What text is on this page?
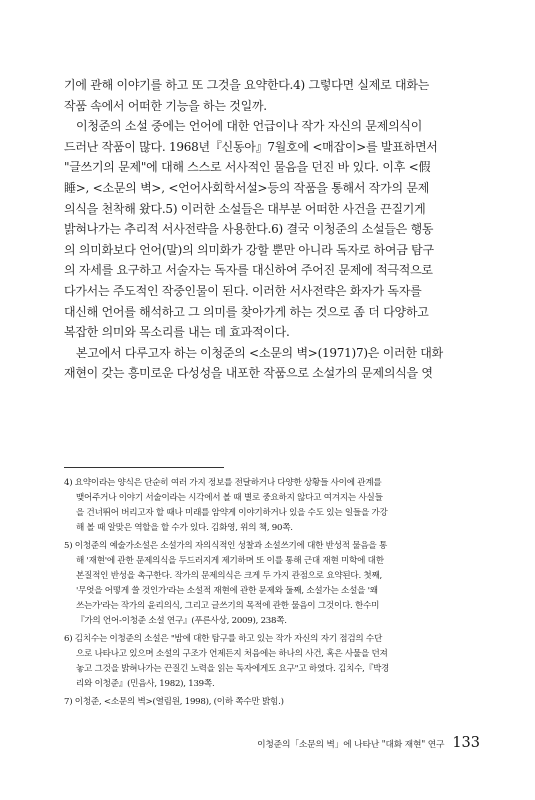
기에 관해 이야기를 하고 또 그것을 요약한다.4) 그렇다면 실제로 대화는
작품 속에서 어떠한 기능을 하는 것일까.
이청준의 소설 중에는 언어에 대한 언급이나 작가 자신의 문제의식이
드러난 작품이 많다. 1968년『신동아』7월호에 <매잡이>를 발표하면서
"글쓰기의 문제"에 대해 스스로 서사적인 물음을 던진 바 있다. 이후 <假
睡>, <소문의 벽>, <언어사회학서설>등의 작품을 통해서 작가의 문제
의식을 천착해 왔다.5) 이러한 소설들은 대부분 어떠한 사건을 끈질기게
밝혀나가는 추리적 서사전략을 사용한다.6) 결국 이청준의 소설들은 행동
의 의미화보다 언어(말)의 의미화가 강할 뿐만 아니라 독자로 하여금 탐구
의 자세를 요구하고 서술자는 독자를 대신하여 주어진 문제에 적극적으로
다가서는 주도적인 작중인물이 된다. 이러한 서사전략은 화자가 독자를
대신해 언어를 해석하고 그 의미를 찾아가게 하는 것으로 좀 더 다양하고
복잡한 의미와 목소리를 내는 데 효과적이다.
본고에서 다루고자 하는 이청준의 <소문의 벽>(1971)7)은 이러한 대화
재현이 갖는 흥미로운 다성성을 내포한 작품으로 소설가의 문제의식을 엿
4) 요약이라는 양식은 단순히 여러 가지 정보를 전달하거나 다양한 상황들 사이에 관계를
맺어주거나 이야기 서술이라는 시각에서 볼 때 별로 중요하지 않다고 여겨지는 사실들
을 건너뛰어 버리고자 할 때나 미래를 암약게 이야기하거나 있을 수도 있는 일들을 가강
해 볼 때 알맞은 역할을 할 수가 있다. 김화영, 위의 책, 90쪽.
5) 이청준의 예술가소설은 소설가의 자의식적인 성찰과 소설쓰기에 대한 반성적 물음을 통
해 '재현'에 관한 문제의식을 두드러지게 제기하며 또 이를 통해 근대 재현 미학에 대한
본질적인 반성을 촉구한다. 작가의 문제의식은 크게 두 가지 관점으로 요약된다. 첫째,
'무엇을 어떻게 쓸 것인가'라는 소설적 재현에 관한 문제와 둘째, 소설가는 소설을 '왜
쓰는가'라는 작가의 윤리의식, 그리고 글쓰기의 목적에 관한 물음이 그것이다. 한수미
『가의 언어-이청준 소설 연구』(푸른사상, 2009), 238쪽.
6) 김치수는 이청준의 소설은 "밤에 대한 탐구를 하고 있는 작가 자신의 자기 점검의 수단
으로 나타나고 있으며 소설의 구조가 언제든지 처음에는 하나의 사건, 혹은 사물을 던져
놓고 그것을 밝혀나가는 끈질긴 노력을 읽는 독자에게도 요구"고 하였다. 김치수,『박경
리와 이청준』(민음사, 1982), 139쪽.
7) 이청준, <소문의 벽>(열림원, 1998), (이하 쪽수만 밝힘.)
이청준의「소문의 벽」에 나타난 "대화 재현" 연구 133
